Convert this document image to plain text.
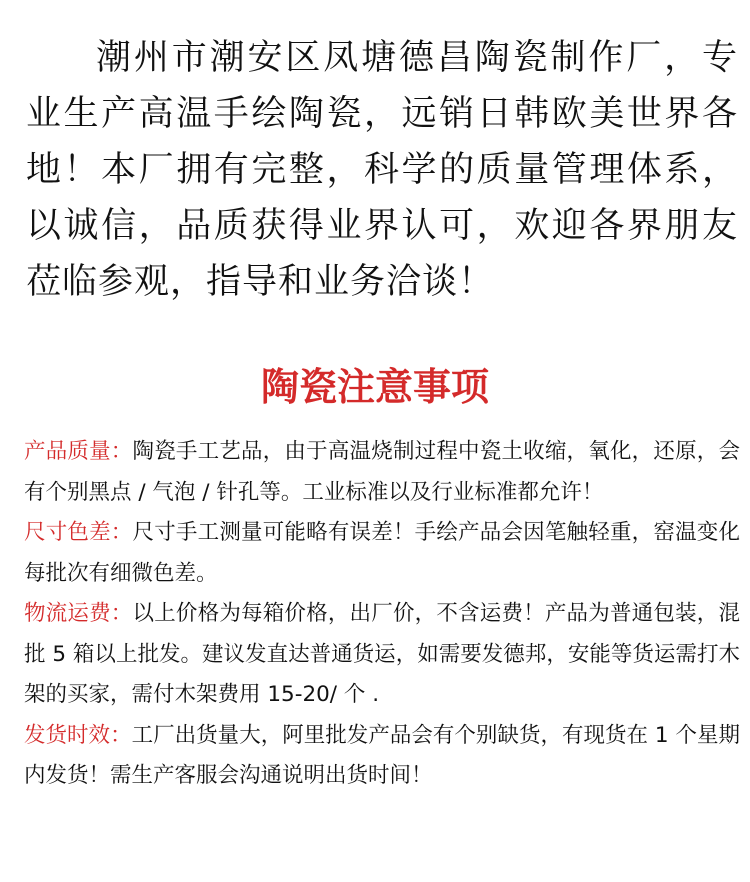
潮州市潮安区凤塘德昌陶瓷制作厂，专业生产高温手绘陶瓷，远销日韩欧美世界各地！本厂拥有完整，科学的质量管理体系，以诚信，品质获得业界认可，欢迎各界朋友莅临参观，指导和业务洽谈！

陶瓷注意事项

产品质量：陶瓷手工艺品，由于高温烧制过程中瓷土收缩，氧化，还原，会有个别黑点 / 气泡 / 针孔等。工业标准以及行业标准都允许！

尺寸色差：尺寸手工测量可能略有误差！手绘产品会因笔触轻重，窑温变化每批次有细微色差。

物流运费：以上价格为每箱价格，出厂价，不含运费！产品为普通包装，混批 5 箱以上批发。建议发直达普通货运，如需要发德邦，安能等货运需打木架的买家，需付木架费用 15-20/ 个 .

发货时效：工厂出货量大，阿里批发产品会有个别缺货，有现货在 1 个星期内发货！需生产客服会沟通说明出货时间！
